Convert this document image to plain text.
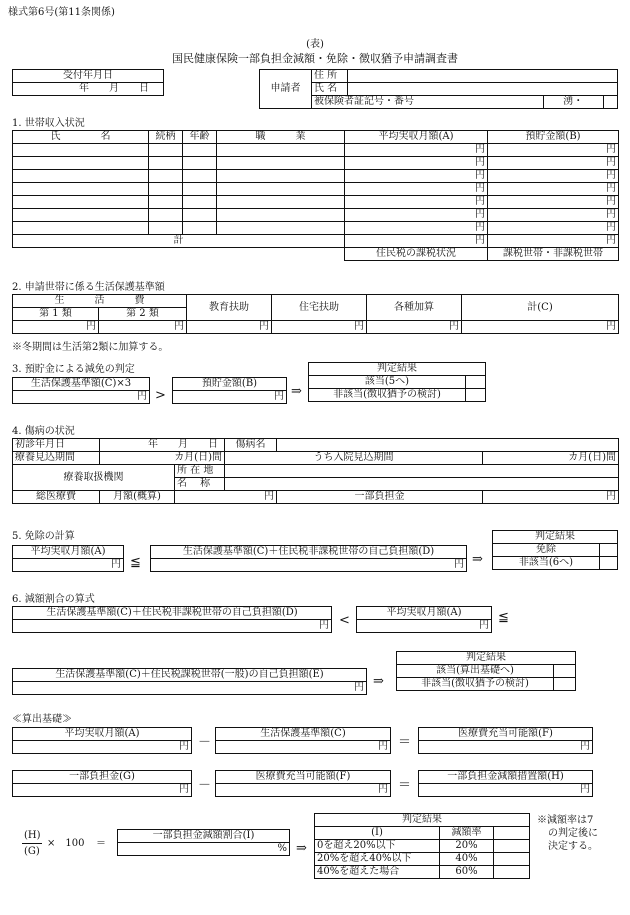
様式第6号(第11条関係)
(表)
国民健康保険一部負担金減額・免除・徴収猶予申請調査書
受付年月日
年　　月　　日	申請者	住 所			
	氏 名			
	被保険者証記号・番号		湧・	
1. 世帯収入状況
氏　　　　名	続柄	年齢	職　　　業	平均実収月額(A)	預貯金額(B)
				円	円
				円	円
				円	円
				円	円
				円	円
				円	円
				円	円
計				円	円
				住民税の課税状況	課税世帯・非課税世帯
2. 申請世帯に係る生活保護基準額
生　　　活　　　費		教育扶助	住宅扶助	各種加算	計(C)
第 1 類	第 2 類				
円	円	円	円	円	円
※冬期間は生活第2類に加算する。
3. 預貯金による減免の判定
生活保護基準額(C)×3
円 >
預貯金額(B)
円 ⇒
判定結果	
該当(5へ)	
非該当(徴収猶予の検討)	
4. 傷病の状況
初診年月日	年　　月　　日		傷病名		
療養見込期間	カ月(日)間		うち入院見込期間		カ月(日)間
療養取扱機関		所 在 地			
		名　 称			
総医療費	月額(概算)	円		一部負担金	円
5. 免除の計算
平均実収月額(A)
円 ≦
生活保護基準額(C)＋住民税非課税世帯の自己負担額(D)
円 ⇒
判定結果	
免除	
非該当(6へ)	
6. 減額割合の算式
生活保護基準額(C)＋住民税非課税世帯の自己負担額(D)
円 <
平均実収月額(A)
円
≦
生活保護基準額(C)＋住民税課税世帯(一般)の自己負担額(E)
円 ⇒
判定結果	
該当(算出基礎へ)	
非該当(徴収猶予の検討)	
≪算出基礎≫
平均実収月額(A)
円 －
生活保護基準額(C)
円 ＝
医療費充当可能額(F)
円
一部負担金(G)
円 －
医療費充当可能額(F)
円 ＝
一部負担金減額措置額(H)
円
(H)
(G)
×　100 ＝
一部負担金減額割合(I)
% ⇒
判定結果		
(I)	減額率	
0を超え20%以下	20%	
20%を超え40%以下	40%	
40%を超えた場合	60%	
※減額率は7
の判定後に
決定する。
